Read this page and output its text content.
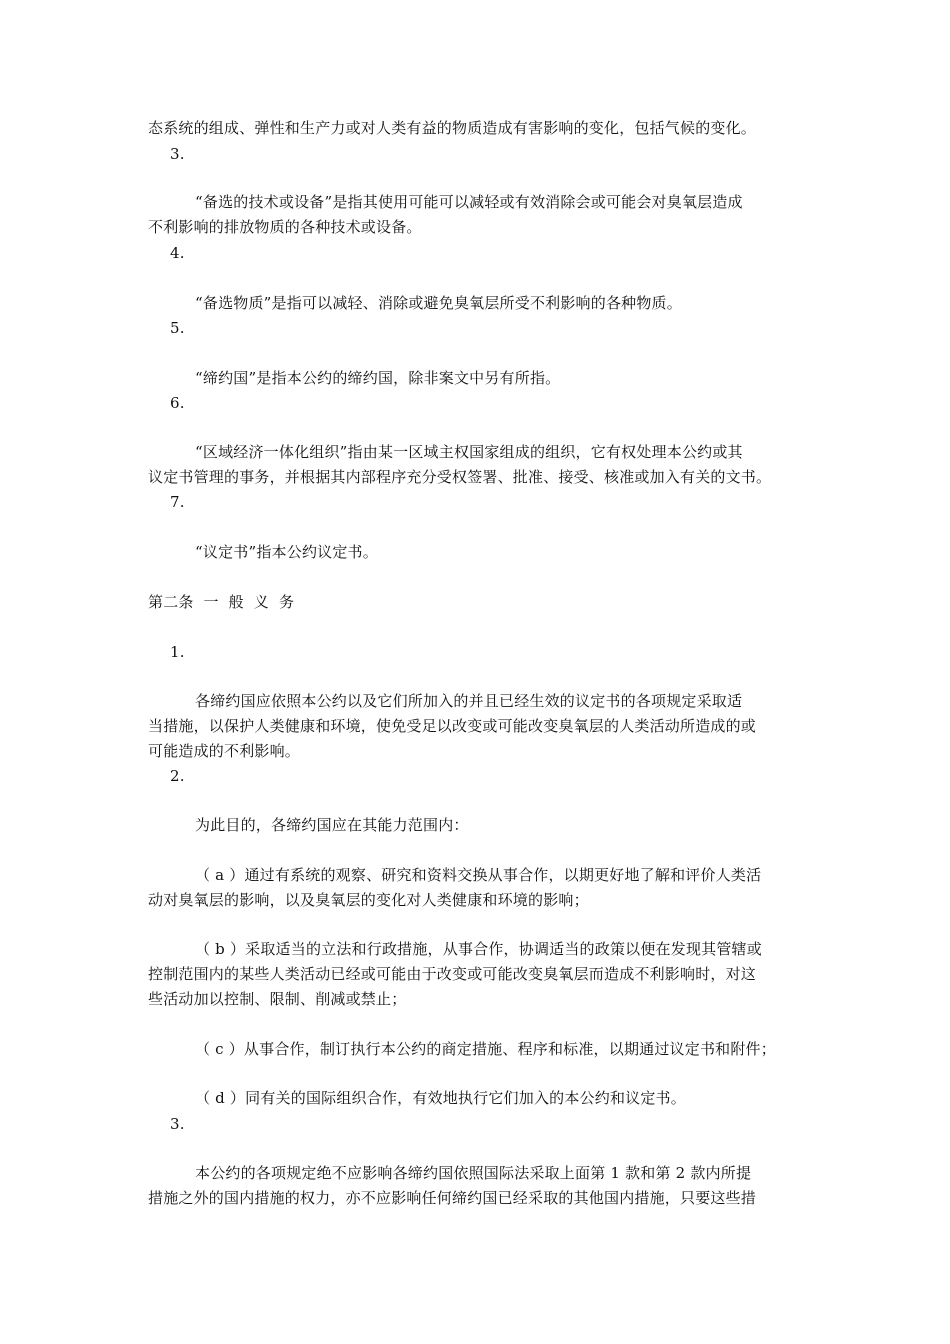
态系统的组成、弹性和生产力或对人类有益的物质造成有害影响的变化，包括气候的变化。
3.
“备选的技术或设备”是指其使用可能可以减轻或有效消除会或可能会对臭氧层造成
不利影响的排放物质的各种技术或设备。
4.
“备选物质”是指可以减轻、消除或避免臭氧层所受不利影响的各种物质。
5.
“缔约国”是指本公约的缔约国，除非案文中另有所指。
6.
“区域经济一体化组织”指由某一区域主权国家组成的组织，它有权处理本公约或其
议定书管理的事务，并根据其内部程序充分受权签署、批准、接受、核准或加入有关的文书。
7.
“议定书”指本公约议定书。
第二条  一  般  义  务
1.
各缔约国应依照本公约以及它们所加入的并且已经生效的议定书的各项规定采取适
当措施，以保护人类健康和环境，使免受足以改变或可能改变臭氧层的人类活动所造成的或
可能造成的不利影响。
2.
为此目的，各缔约国应在其能力范围内：
（ a ）通过有系统的观察、研究和资料交换从事合作，以期更好地了解和评价人类活
动对臭氧层的影响，以及臭氧层的变化对人类健康和环境的影响；
（ b ）采取适当的立法和行政措施，从事合作，协调适当的政策以便在发现其管辖或
控制范围内的某些人类活动已经或可能由于改变或可能改变臭氧层而造成不利影响时，对这
些活动加以控制、限制、削减或禁止；
（ c ）从事合作，制订执行本公约的商定措施、程序和标准，以期通过议定书和附件；
（ d ）同有关的国际组织合作，有效地执行它们加入的本公约和议定书。
3.
本公约的各项规定绝不应影响各缔约国依照国际法采取上面第 1 款和第 2 款内所提
措施之外的国内措施的权力，亦不应影响任何缔约国已经采取的其他国内措施，只要这些措
